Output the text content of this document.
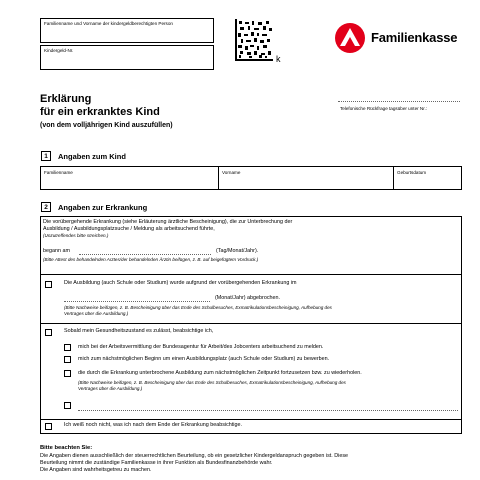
Familienname und Vorname der kindergeldberechtigten Person
Kindergeld-Nr.
k
Familienkasse
Erklärung
für ein erkranktes Kind
(von dem volljährigen Kind auszufüllen)
Telefonische Rückfrage tagsüber unter Nr.:
1	Angaben zum Kind
Familienname	Vorname	Geburtsdatum
2	Angaben zur Erkrankung
Die vorübergehende Erkrankung (siehe Erläuterung ärztliche Bescheinigung), die zur Unterbrechung der
Ausbildung / Ausbildungsplatzsuche / Meldung als arbeitsuchend führte,
(Unzutreffendes bitte streichen.)
begann am	(Tag/Monat/Jahr).
(Bitte Attest des behandelnden Arztes/der behandelnden Ärztin beifügen, z. B. auf beigefügtem Vordruck.)
Die Ausbildung (auch Schule oder Studium) wurde aufgrund der vorübergehenden Erkrankung im
(Monat/Jahr) abgebrochen.
(Bitte Nachweise beifügen, z. B. Bescheinigung über das Ende des Schulbesuches, Exmatrikulationsbescheinigung, Aufhebung des
Vertrages über die Ausbildung.)
Sobald mein Gesundheitszustand es zulässt, beabsichtige ich,
mich bei der Arbeitsvermittlung der Bundesagentur für Arbeit/des Jobcenters arbeitsuchend zu melden.
mich zum nächstmöglichen Beginn um einen Ausbildungsplatz (auch Schule oder Studium) zu bewerben.
die durch die Erkrankung unterbrochene Ausbildung zum nächstmöglichen Zeitpunkt fortzusetzen bzw. zu wiederholen.
(Bitte Nachweise beifügen, z. B. Bescheinigung über das Ende des Schulbesuches, Exmatrikulationsbescheinigung, Aufhebung des
Vertrages über die Ausbildung.)
Ich weiß noch nicht, was ich nach dem Ende der Erkrankung beabsichtige.
Bitte beachten Sie:
Die Angaben dienen ausschließlich der steuerrechtlichen Beurteilung, ob ein gesetzlicher Kindergeldanspruch gegeben ist. Diese
Beurteilung nimmt die zuständige Familienkasse in ihrer Funktion als Bundesfinanzbehörde wahr.
Die Angaben sind wahrheitsgetreu zu machen.
